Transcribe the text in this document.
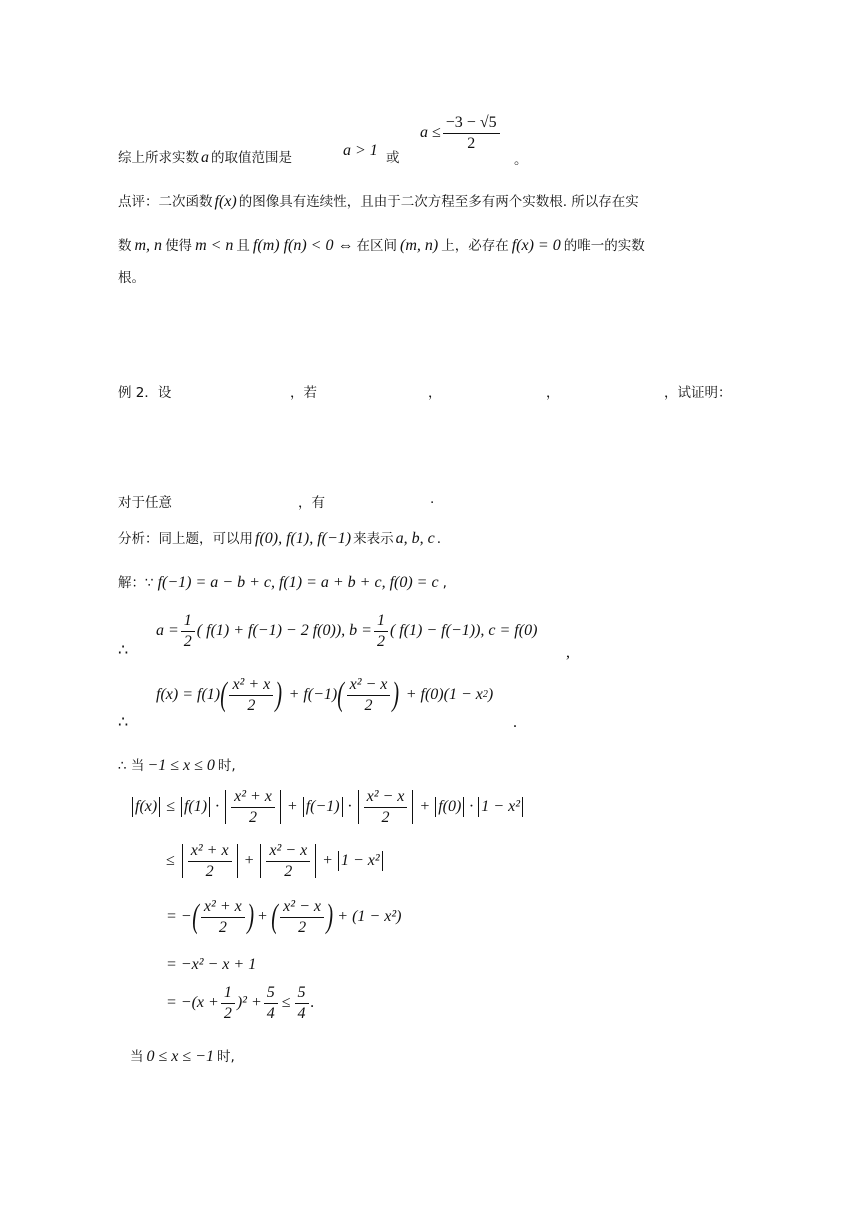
综上所求实数 a 的取值范围是	a > 1 或
$a \le \frac{-3 - √5}{2}$
。
点评：二次函数 f(x) 的图像具有连续性，且由于二次方程至多有两个实数根. 所以存在实
数 m, n 使得 m < n 且 f(m) f(n) < 0 ⇔ 在区间 (m, n) 上，必存在 f(x) = 0 的唯一的实数
根。
例 2．设	，若	，	，	，试证明：
对于任意	，有	.
分析：同上题，可以用 f(0), f(1), f(−1) 来表示 a, b, c .
解：∵ f(−1) = a − b + c, f(1) = a + b + c, f(0) = c ,
∴
$a = \frac{1}{2}$ ( f(1) + f(−1) − 2 f(0)), $b = \frac{1}{2}$ ( f(1) − f(−1)), c = f(0)
,
∴
f(x) = f(1) ( $\frac{\text{x² + x}}{2}$ ) + f(−1) ( $\frac{\text{x² − x}}{2}$ ) + f(0)(1 − x 2 )
.
∴ 当 −1 ≤ x ≤ 0 时,
$f(x) \le f(1) \cdot \frac{\text{x² + x}}{2} + f(-1) \cdot \frac{\text{x² − x}}{2} + f(0) \cdot 1 - x^2$
≤ $\frac{\text{x² + x}}{2} + \frac{\text{x² − x}}{2} + 1 - x^2$
= − ( $\frac{\text{x² + x}}{2}$ ) + ( $\frac{\text{x² − x}}{2}$ ) + (1 − x²)
= −x² − x + 1
= $-(x + \frac{1}{2} )^2 + \frac{5}{4} \le \frac{5}{4}$ .
当 0 ≤ x ≤ −1 时,
